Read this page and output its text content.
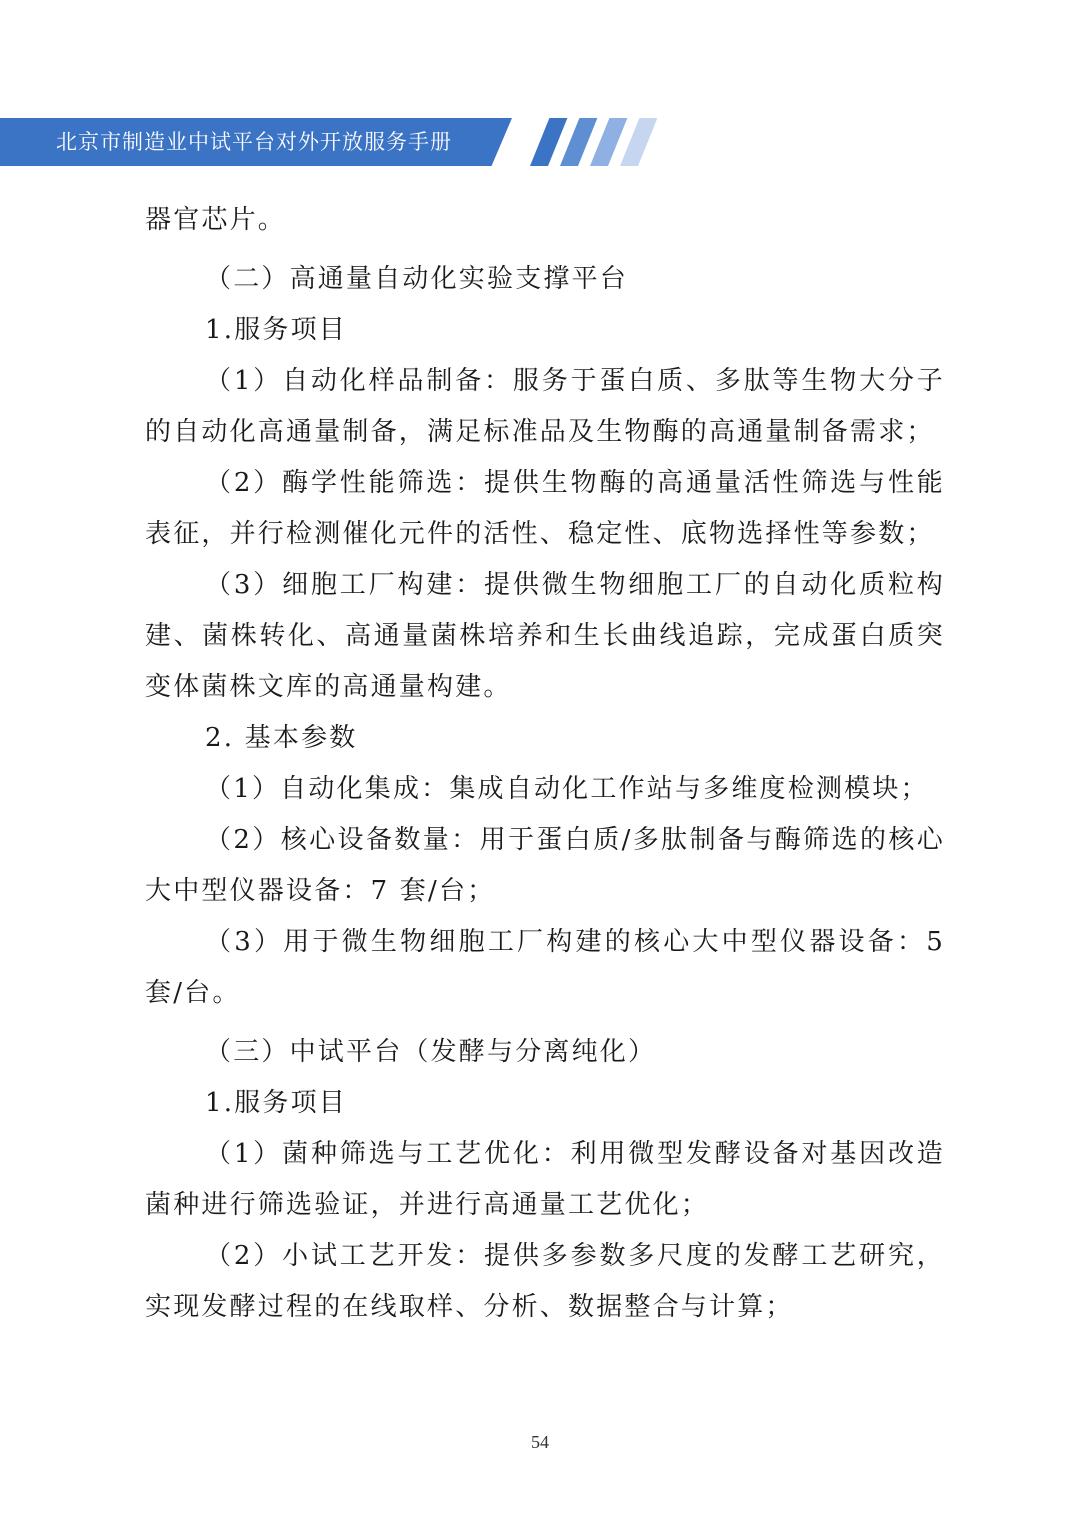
北京市制造业中试平台对外开放服务手册

器官芯片。

（二）高通量自动化实验支撑平台

1.服务项目

（1）自动化样品制备：服务于蛋白质、多肽等生物大分子的自动化高通量制备，满足标准品及生物酶的高通量制备需求；

（2）酶学性能筛选：提供生物酶的高通量活性筛选与性能表征，并行检测催化元件的活性、稳定性、底物选择性等参数；

（3）细胞工厂构建：提供微生物细胞工厂的自动化质粒构建、菌株转化、高通量菌株培养和生长曲线追踪，完成蛋白质突变体菌株文库的高通量构建。

2. 基本参数

（1）自动化集成：集成自动化工作站与多维度检测模块；

（2）核心设备数量：用于蛋白质/多肽制备与酶筛选的核心大中型仪器设备：7 套/台；

（3）用于微生物细胞工厂构建的核心大中型仪器设备：5 套/台。

（三）中试平台（发酵与分离纯化）

1.服务项目

（1）菌种筛选与工艺优化：利用微型发酵设备对基因改造菌种进行筛选验证，并进行高通量工艺优化；

（2）小试工艺开发：提供多参数多尺度的发酵工艺研究，实现发酵过程的在线取样、分析、数据整合与计算；

54
